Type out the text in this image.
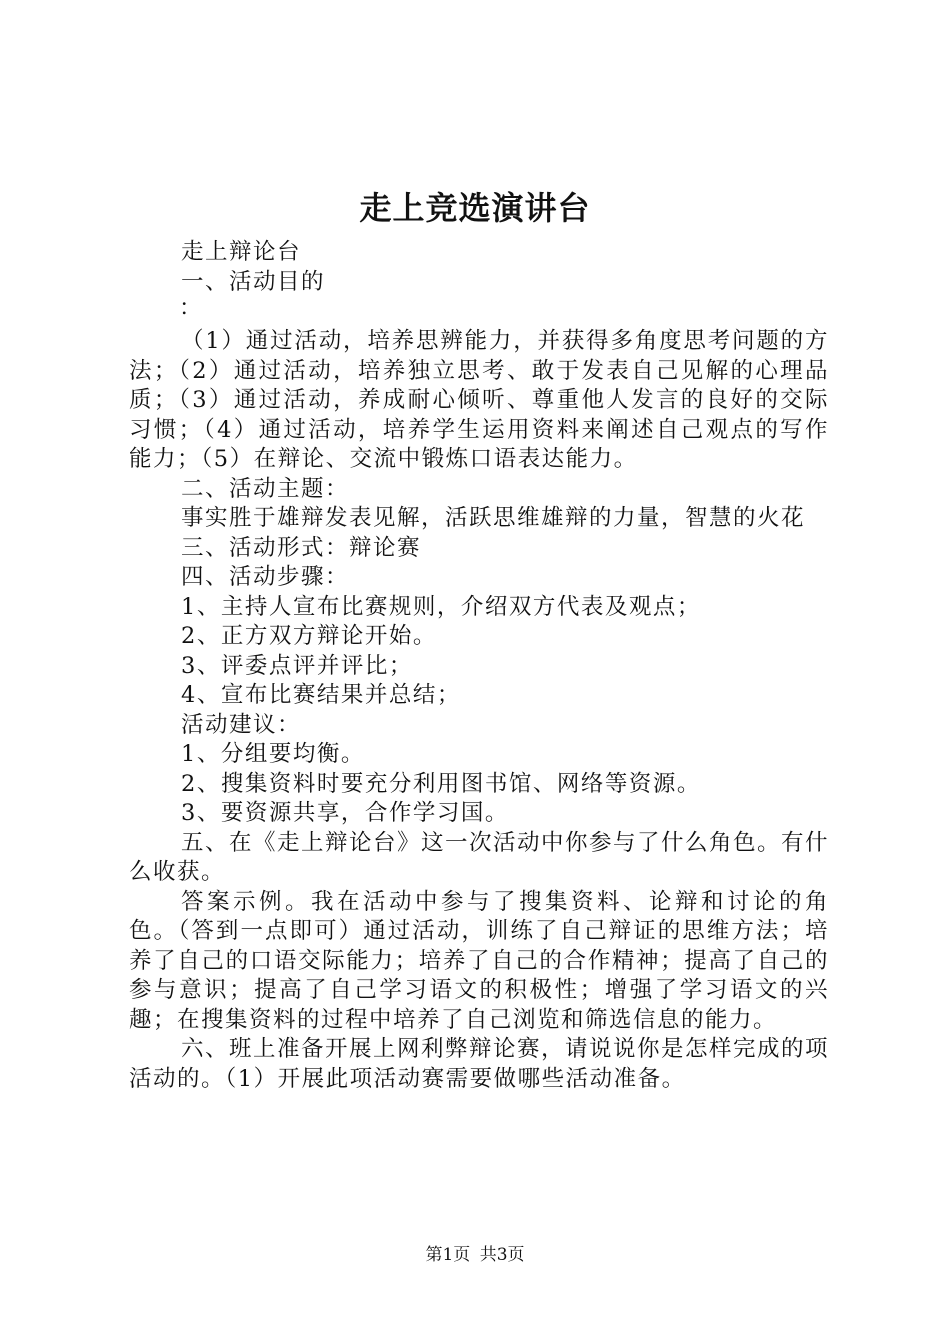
走上竞选演讲台

走上辩论台

一、活动目的

：

（1）通过活动，培养思辨能力，并获得多角度思考问题的方法；（2）通过活动，培养独立思考、敢于发表自己见解的心理品质；（3）通过活动，养成耐心倾听、尊重他人发言的良好的交际习惯；（4）通过活动，培养学生运用资料来阐述自己观点的写作能力；（5）在辩论、交流中锻炼口语表达能力。

二、活动主题：

事实胜于雄辩发表见解，活跃思维雄辩的力量，智慧的火花

三、活动形式：辩论赛

四、活动步骤：

1、主持人宣布比赛规则，介绍双方代表及观点；

2、正方双方辩论开始。

3、评委点评并评比；

4、宣布比赛结果并总结；

活动建议：

1、分组要均衡。

2、搜集资料时要充分利用图书馆、网络等资源。

3、要资源共享，合作学习国。

五、在《走上辩论台》这一次活动中你参与了什么角色。有什么收获。

答案示例。我在活动中参与了搜集资料、论辩和讨论的角色。（答到一点即可）通过活动，训练了自己辩证的思维方法；培养了自己的口语交际能力；培养了自己的合作精神；提高了自己的参与意识；提高了自己学习语文的积极性；增强了学习语文的兴趣；在搜集资料的过程中培养了自己浏览和筛选信息的能力。

六、班上准备开展上网利弊辩论赛，请说说你是怎样完成的项活动的。（1）开展此项活动赛需要做哪些活动准备。

第1页 共3页
